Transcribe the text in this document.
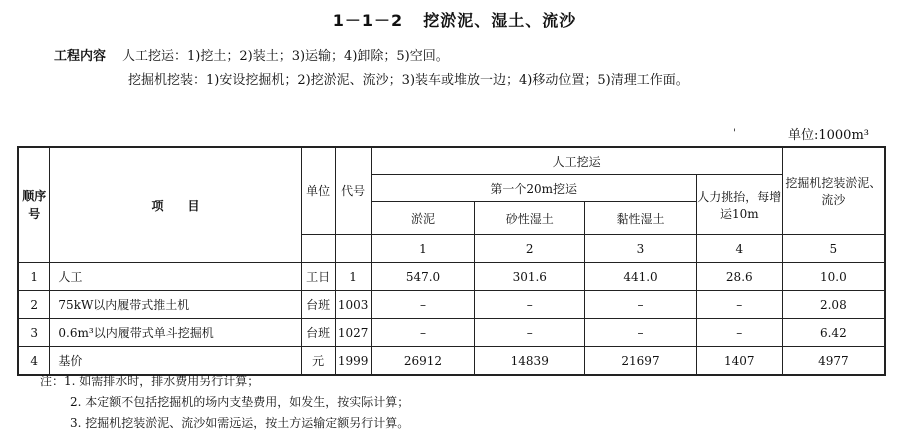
1－1－2 挖淤泥、湿土、流沙
工程内容 人工挖运：1)挖土；2)装土；3)运输；4)卸除；5)空回。
挖掘机挖装：1)安设挖掘机；2)挖淤泥、流沙；3)装车或堆放一边；4)移动位置；5)清理工作面。
'	单位:1000m³
顺序号	项　　目	单位	代号	人工挖运				挖掘机挖装淤泥、流沙
				第一个20m挖运			人力挑抬，每增运10m	
				淤泥	砂性湿土	黏性湿土		
				1	2	3	4	5
1	人工	工日	1	547.0	301.6	441.0	28.6	10.0
2	75kW以内履带式推土机	台班	1003	–	–	–	–	2.08
3	0.6m³以内履带式单斗挖掘机	台班	1027	–	–	–	–	6.42
4	基价	元	1999	26912	14839	21697	1407	4977
注：1. 如需排水时，排水费用另行计算；
2. 本定额不包括挖掘机的场内支垫费用，如发生，按实际计算；
3. 挖掘机挖装淤泥、流沙如需远运，按土方运输定额另行计算。
